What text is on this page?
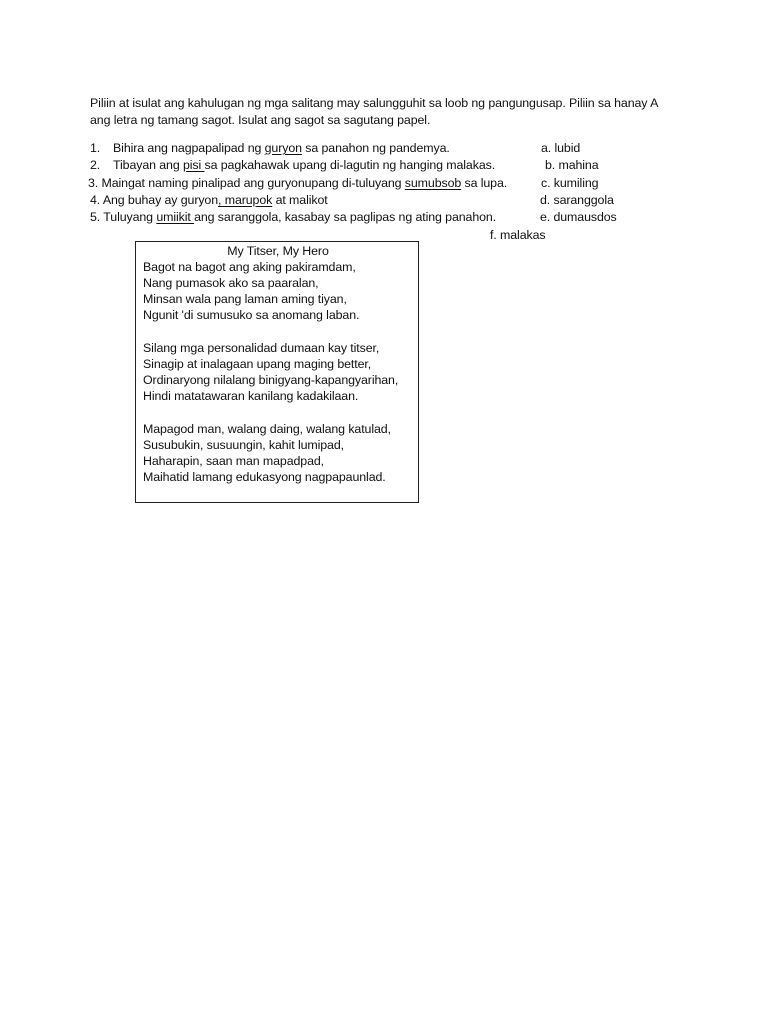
Piliin at isulat ang kahulugan ng mga salitang may salungguhit sa loob ng pangungusap. Piliin sa hanay A ang letra ng tamang sagot. Isulat ang sagot sa sagutang papel.
1. Bihira ang nagpapalipad ng guryon sa panahon ng pandemya.
2. Tibayan ang pisi sa pagkahawak upang di-lagutin ng hanging malakas.
3. Maingat naming pinalipad ang guryonupang di-tuluyang sumubsob sa lupa.
4. Ang buhay ay guryon, marupok at malikot
5. Tuluyang umiikit ang saranggola, kasabay sa paglipas ng ating panahon.
a. lubid
b. mahina
c. kumiling
d. saranggola
e. dumausdos
f. malakas
My Titser, My Hero
Bagot na bagot ang aking pakiramdam,
Nang pumasok ako sa paaralan,
Minsan wala pang laman aming tiyan,
Ngunit 'di sumusuko sa anomang laban.
Silang mga personalidad dumaan kay titser,
Sinagip at inalagaan upang maging better,
Ordinaryong nilalang binigyang-kapangyarihan,
Hindi matatawaran kanilang kadakilaan.
Mapagod man, walang daing, walang katulad,
Susubukin, susuungin, kahit lumipad,
Haharapin, saan man mapadpad,
Maihatid lamang edukasyong nagpapaunlad.
